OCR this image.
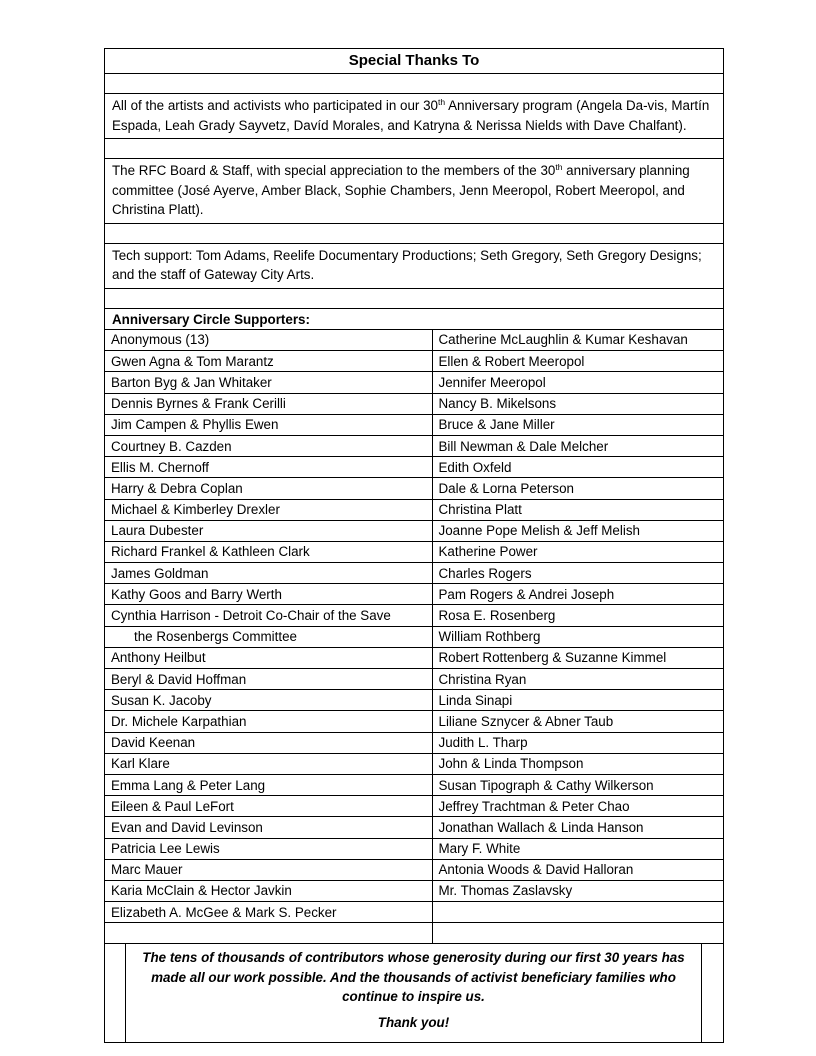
Special Thanks To
All of the artists and activists who participated in our 30th Anniversary program (Angela Da-vis, Martín Espada, Leah Grady Sayvetz, Davíd Morales, and Katryna & Nerissa Nields with Dave Chalfant).
The RFC Board & Staff, with special appreciation to the members of the 30th anniversary planning committee (José Ayerve, Amber Black, Sophie Chambers, Jenn Meeropol, Robert Meeropol, and Christina Platt).
Tech support: Tom Adams, Reelife Documentary Productions; Seth Gregory, Seth Gregory Designs; and the staff of Gateway City Arts.
Anniversary Circle Supporters:
Anonymous (13)	Catherine McLaughlin & Kumar Keshavan
Gwen Agna & Tom Marantz	Ellen & Robert Meeropol
Barton Byg & Jan Whitaker	Jennifer Meeropol
Dennis Byrnes & Frank Cerilli	Nancy B. Mikelsons
Jim Campen & Phyllis Ewen	Bruce & Jane Miller
Courtney B. Cazden	Bill Newman & Dale Melcher
Ellis M. Chernoff	Edith Oxfeld
Harry & Debra Coplan	Dale & Lorna Peterson
Michael & Kimberley Drexler	Christina Platt
Laura Dubester	Joanne Pope Melish & Jeff Melish
Richard Frankel & Kathleen Clark	Katherine Power
James Goldman	Charles Rogers
Kathy Goos and Barry Werth	Pam Rogers & Andrei Joseph
Cynthia Harrison - Detroit Co-Chair of the Save	Rosa E. Rosenberg
the Rosenbergs Committee	William Rothberg
Anthony Heilbut	Robert Rottenberg & Suzanne Kimmel
Beryl & David Hoffman	Christina Ryan
Susan K. Jacoby	Linda Sinapi
Dr. Michele Karpathian	Liliane Sznycer & Abner Taub
David Keenan	Judith L. Tharp
Karl Klare	John & Linda Thompson
Emma Lang & Peter Lang	Susan Tipograph & Cathy Wilkerson
Eileen & Paul LeFort	Jeffrey Trachtman & Peter Chao
Evan and David Levinson	Jonathan Wallach & Linda Hanson
Patricia Lee Lewis	Mary F. White
Marc Mauer	Antonia Woods & David Halloran
Karia McClain & Hector Javkin	Mr. Thomas Zaslavsky
Elizabeth A. McGee & Mark S. Pecker	

The tens of thousands of contributors whose generosity during our first 30 years has made all our work possible. And the thousands of activist beneficiary families who continue to inspire us.
Thank you!
